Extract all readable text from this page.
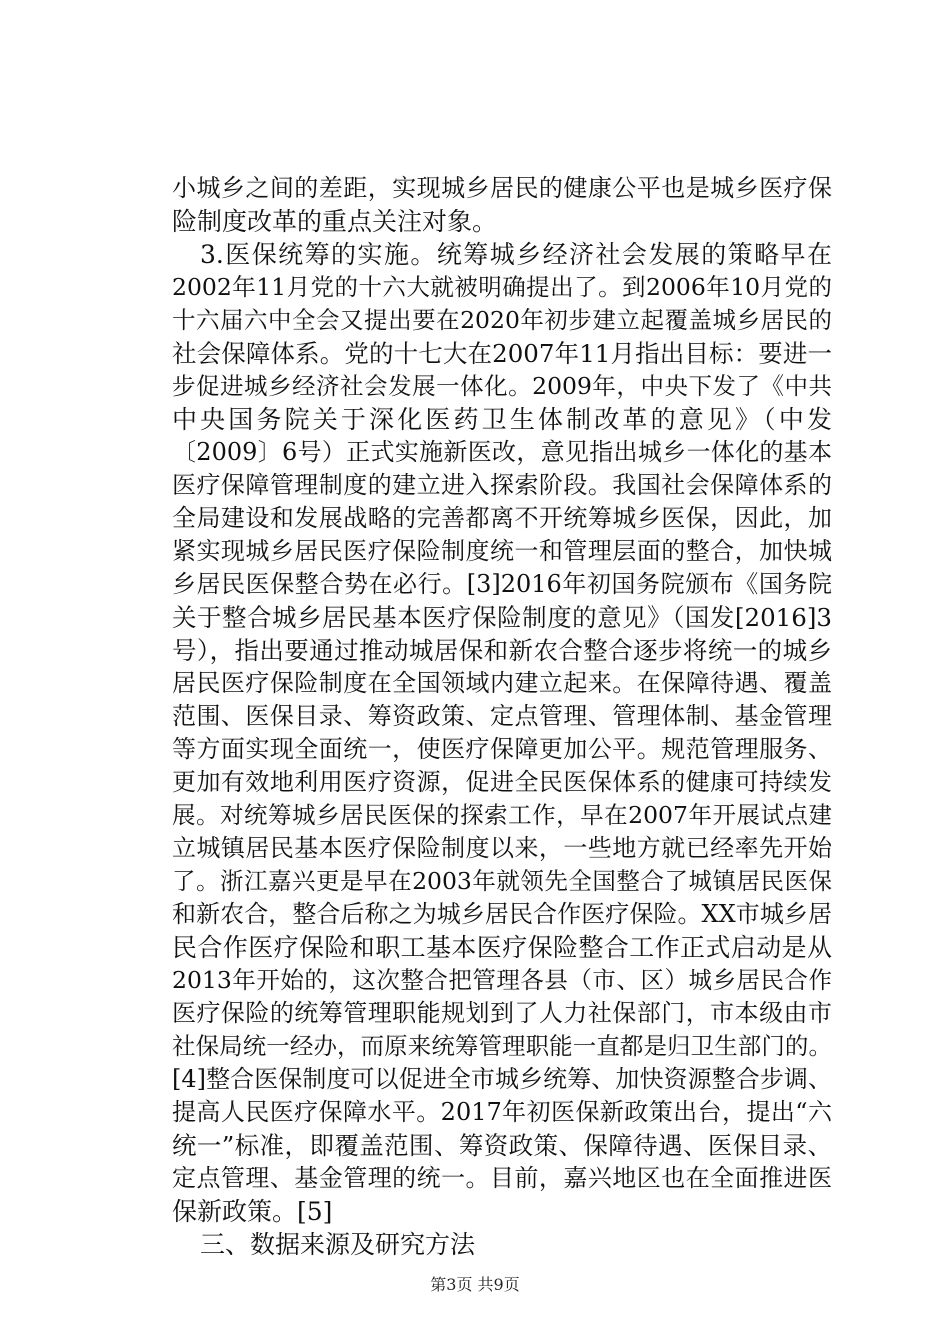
小城乡之间的差距，实现城乡居民的健康公平也是城乡医疗保
险制度改革的重点关注对象。
3.医保统筹的实施。统筹城乡经济社会发展的策略早在
2002年11月党的十六大就被明确提出了。到2006年10月党的
十六届六中全会又提出要在2020年初步建立起覆盖城乡居民的
社会保障体系。党的十七大在2007年11月指出目标：要进一
步促进城乡经济社会发展一体化。2009年，中央下发了《中共
中央国务院关于深化医药卫生体制改革的意见》（中发
〔2009〕6号）正式实施新医改，意见指出城乡一体化的基本
医疗保障管理制度的建立进入探索阶段。我国社会保障体系的
全局建设和发展战略的完善都离不开统筹城乡医保，因此，加
紧实现城乡居民医疗保险制度统一和管理层面的整合，加快城
乡居民医保整合势在必行。[3]2016年初国务院颁布《国务院
关于整合城乡居民基本医疗保险制度的意见》（国发[2016]3
号），指出要通过推动城居保和新农合整合逐步将统一的城乡
居民医疗保险制度在全国领域内建立起来。在保障待遇、覆盖
范围、医保目录、筹资政策、定点管理、管理体制、基金管理
等方面实现全面统一，使医疗保障更加公平。规范管理服务、
更加有效地利用医疗资源，促进全民医保体系的健康可持续发
展。对统筹城乡居民医保的探索工作，早在2007年开展试点建
立城镇居民基本医疗保险制度以来，一些地方就已经率先开始
了。浙江嘉兴更是早在2003年就领先全国整合了城镇居民医保
和新农合，整合后称之为城乡居民合作医疗保险。XX市城乡居
民合作医疗保险和职工基本医疗保险整合工作正式启动是从
2013年开始的，这次整合把管理各县（市、区）城乡居民合作
医疗保险的统筹管理职能规划到了人力社保部门，市本级由市
社保局统一经办，而原来统筹管理职能一直都是归卫生部门的。
[4]整合医保制度可以促进全市城乡统筹、加快资源整合步调、
提高人民医疗保障水平。2017年初医保新政策出台，提出“六
统一”标准，即覆盖范围、筹资政策、保障待遇、医保目录、
定点管理、基金管理的统一。目前，嘉兴地区也在全面推进医
保新政策。[5]
三、数据来源及研究方法
第3页 共9页
